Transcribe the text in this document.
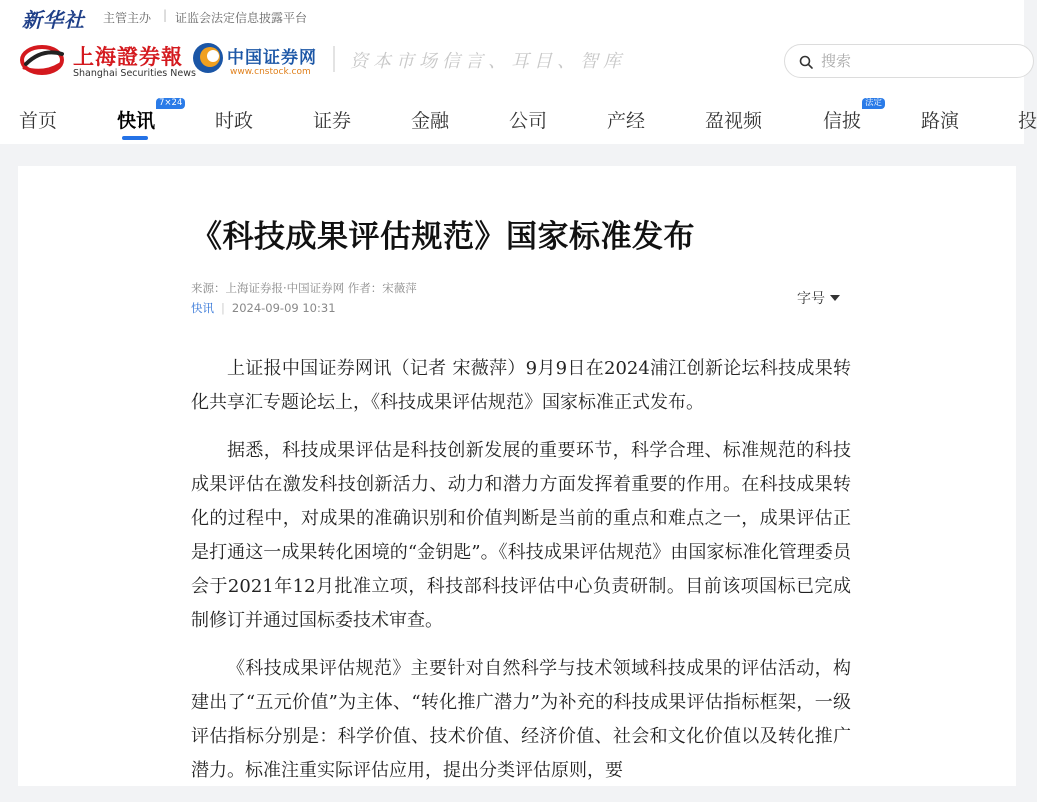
新华社 主管主办 | 证监会法定信息披露平台
上海證券報
Shanghai Securities News
中国证券网
www.cnstock.com 资本市场信言、耳目、智库
搜索
首页	快讯
7×24
时政	证券	金融	公司	产经	盈视频	信披
法定
路演	投
《科技成果评估规范》国家标准发布
来源：上海证券报·中国证券网 作者：宋薇萍
快讯 | 2024-09-09 10:31
字号

上证报中国证券网讯（记者 宋薇萍）9月9日在2024浦江创新论坛科技成果转化共享汇专题论坛上，《科技成果评估规范》国家标准正式发布。

据悉，科技成果评估是科技创新发展的重要环节，科学合理、标准规范的科技成果评估在激发科技创新活力、动力和潜力方面发挥着重要的作用。在科技成果转化的过程中，对成果的准确识别和价值判断是当前的重点和难点之一，成果评估正是打通这一成果转化困境的“金钥匙”。《科技成果评估规范》由国家标准化管理委员会于2021年12月批准立项，科技部科技评估中心负责研制。目前该项国标已完成制修订并通过国标委技术审查。

《科技成果评估规范》主要针对自然科学与技术领域科技成果的评估活动，构建出了“五元价值”为主体、“转化推广潜力”为补充的科技成果评估指标框架，一级评估指标分别是：科学价值、技术价值、经济价值、社会和文化价值以及转化推广潜力。标准注重实际评估应用，提出分类评估原则，要
